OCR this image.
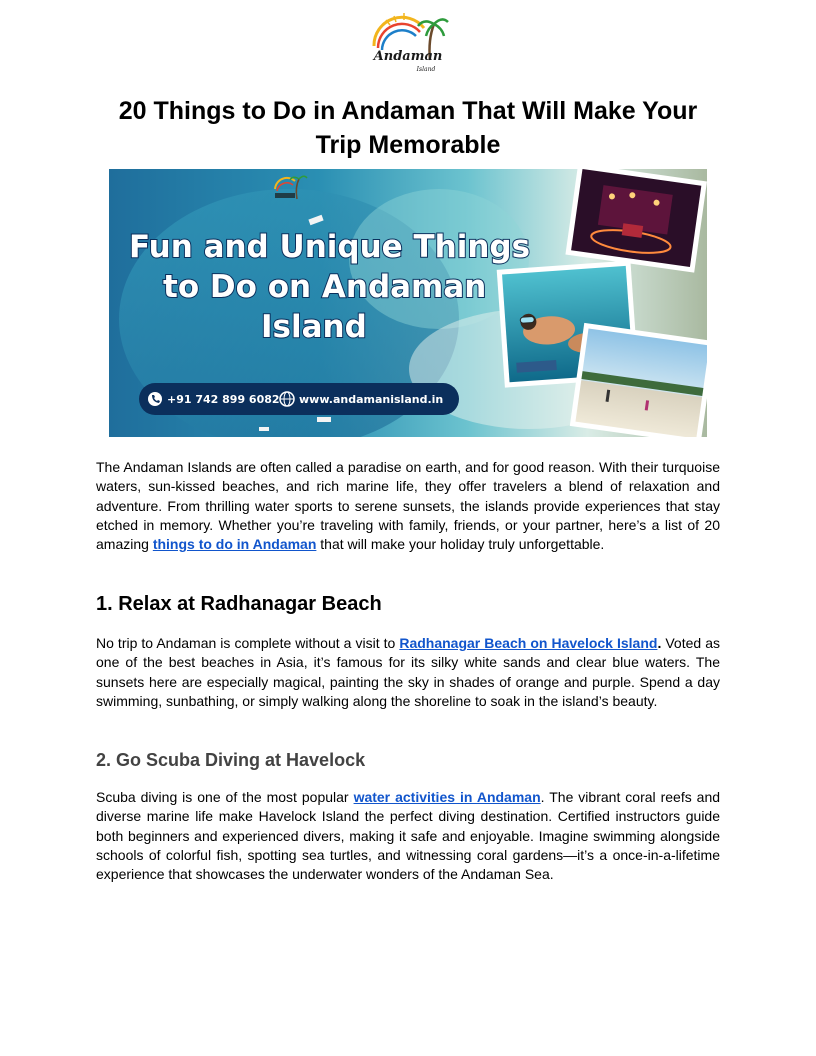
Andaman
Island
20 Things to Do in Andaman That Will Make Your Trip Memorable
Fun and Unique Things
to Do on Andaman
Island
+91 742 899 6082 www.andamanisland.in

The Andaman Islands are often called a paradise on earth, and for good reason. With their turquoise waters, sun-kissed beaches, and rich marine life, they offer travelers a blend of relaxation and adventure. From thrilling water sports to serene sunsets, the islands provide experiences that stay etched in memory. Whether you’re traveling with family, friends, or your partner, here’s a list of 20 amazing things to do in Andaman that will make your holiday truly unforgettable.

1. Relax at Radhanagar Beach

No trip to Andaman is complete without a visit to Radhanagar Beach on Havelock Island. Voted as one of the best beaches in Asia, it’s famous for its silky white sands and clear blue waters. The sunsets here are especially magical, painting the sky in shades of orange and purple. Spend a day swimming, sunbathing, or simply walking along the shoreline to soak in the island’s beauty.

2. Go Scuba Diving at Havelock

Scuba diving is one of the most popular water activities in Andaman. The vibrant coral reefs and diverse marine life make Havelock Island the perfect diving destination. Certified instructors guide both beginners and experienced divers, making it safe and enjoyable. Imagine swimming alongside schools of colorful fish, spotting sea turtles, and witnessing coral gardens—it’s a once-in-a-lifetime experience that showcases the underwater wonders of the Andaman Sea.
